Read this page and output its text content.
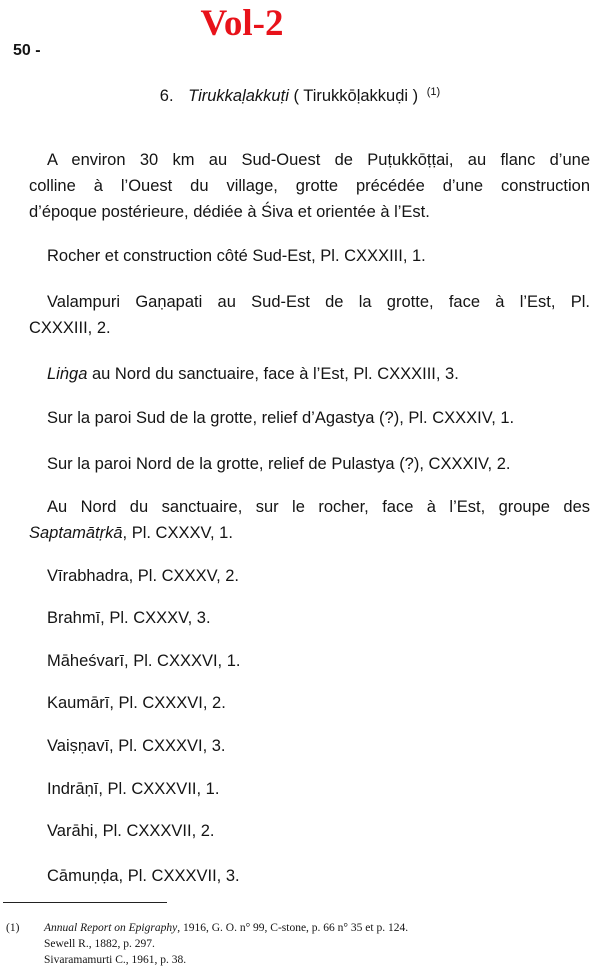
Vol-2
50 -
6. Tirukkaḷakkuṭi ( Tirukkōḷakkuḍi ) $^{(1)}$
A environ 30 km au Sud-Ouest de Puṭukkōṭṭai, au flanc d’une
colline à l’Ouest du village, grotte précédée d’une construction
d’époque postérieure, dédiée à Śiva et orientée à l’Est.
Rocher et construction côté Sud-Est, Pl. CXXXIII, 1.
Valampuri Gaṇapati au Sud-Est de la grotte, face à l’Est, Pl.
CXXXIII, 2.
Liṅga au Nord du sanctuaire, face à l’Est, Pl. CXXXIII, 3.
Sur la paroi Sud de la grotte, relief d’Agastya (?), Pl. CXXXIV, 1.
Sur la paroi Nord de la grotte, relief de Pulastya (?), CXXXIV, 2.
Au Nord du sanctuaire, sur le rocher, face à l’Est, groupe des
Saptamātṛkā, Pl. CXXXV, 1.
Vīrabhadra, Pl. CXXXV, 2.
Brahmī, Pl. CXXXV, 3.
Māheśvarī, Pl. CXXXVI, 1.
Kaumārī, Pl. CXXXVI, 2.
Vaiṣṇavī, Pl. CXXXVI, 3.
Indrāṇī, Pl. CXXXVII, 1.
Varāhi, Pl. CXXXVII, 2.
Cāmuṇḍa, Pl. CXXXVII, 3.
(1) Annual Report on Epigraphy, 1916, G. O. n° 99, C-stone, p. 66 n° 35 et p. 124.
Sewell R., 1882, p. 297.
Sivaramamurti C., 1961, p. 38.
